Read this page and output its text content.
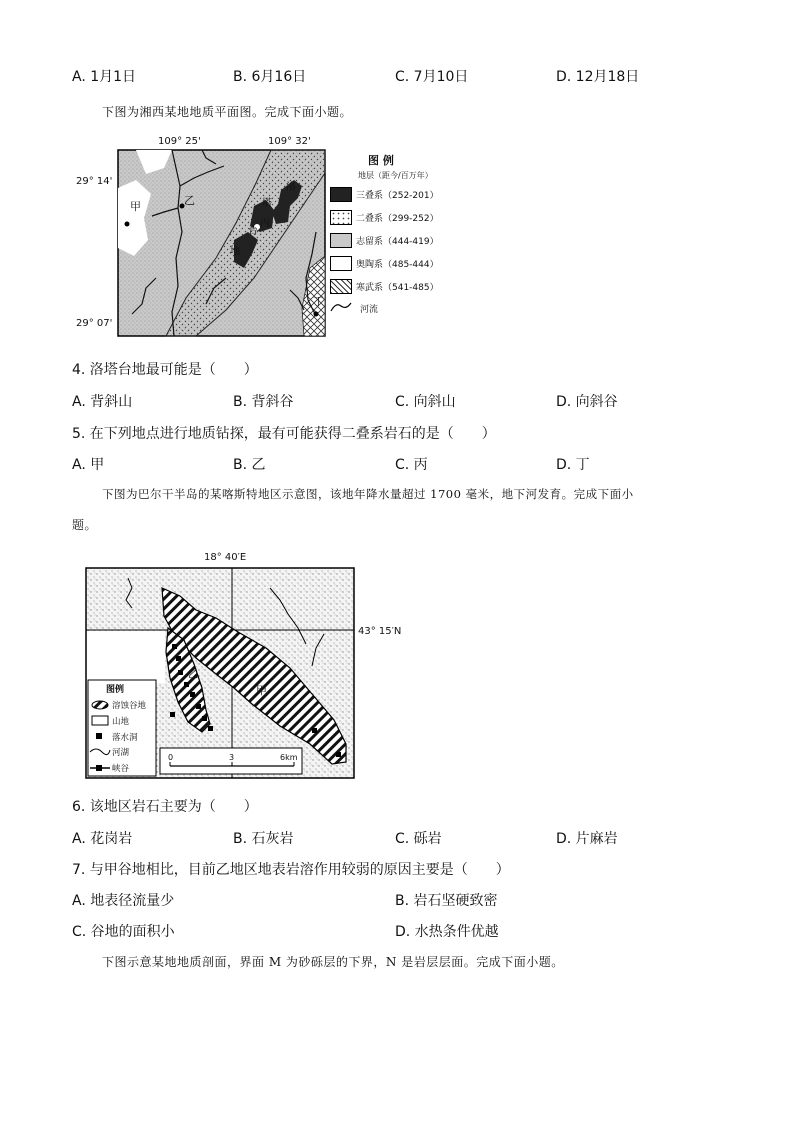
A. 1月1日	B. 6月16日	C. 7月10日	D. 12月18日
下图为湘西某地地质平面图。完成下面小题。
109° 25'	109° 32'
29° 14'
29° 07'
甲	乙
丙
丁
洛
塔
台
地
图 例
地层（距今/百万年）
三叠系（252-201）
二叠系（299-252）
志留系（444-419）
奥陶系（485-444）
寒武系（541-485）
河流
4. 洛塔台地最可能是（　　）
A. 背斜山	B. 背斜谷	C. 向斜山	D. 向斜谷
5. 在下列地点进行地质钻探，最有可能获得二叠系岩石的是（　　）
A. 甲	B. 乙	C. 丙	D. 丁
下图为巴尔干半岛的某喀斯特地区示意图，该地年降水量超过 1700 毫米，地下河发育。完成下面小
题。
18° 40′E
43° 15′N
甲
乙
图例
溶蚀谷地
山地
落水洞
河湖
峡谷
0	3	6km
6. 该地区岩石主要为（　　）
A. 花岗岩	B. 石灰岩	C. 砾岩	D. 片麻岩
7. 与甲谷地相比，目前乙地区地表岩溶作用较弱的原因主要是（　　）
A. 地表径流量少	B. 岩石坚硬致密
C. 谷地的面积小	D. 水热条件优越
下图示意某地地质剖面，界面 M 为砂砾层的下界，N 是岩层层面。完成下面小题。
